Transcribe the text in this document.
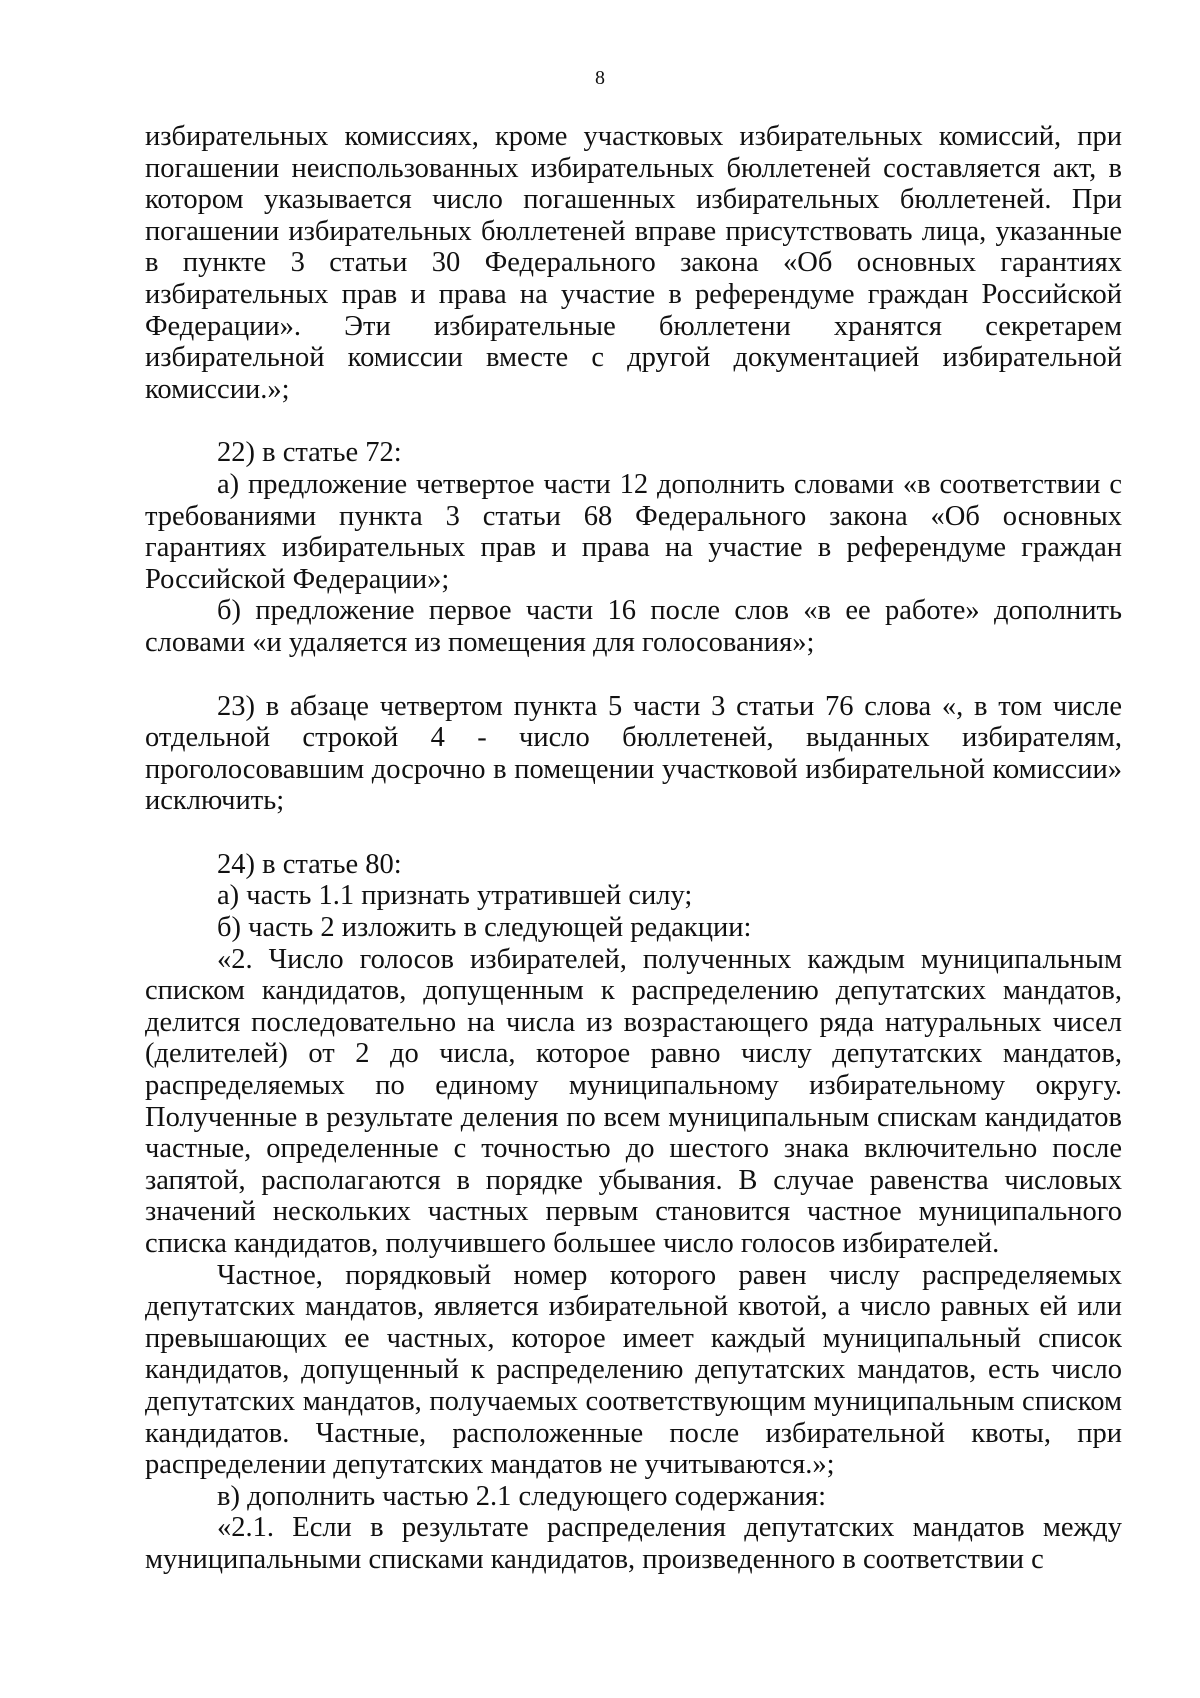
8

избирательных комиссиях, кроме участковых избирательных комиссий, при погашении неиспользованных избирательных бюллетеней составляется акт, в котором указывается число погашенных избирательных бюллетеней. При погашении избирательных бюллетеней вправе присутствовать лица, указанные в пункте 3 статьи 30 Федерального закона «Об основных гарантиях избирательных прав и права на участие в референдуме граждан Российской Федерации». Эти избирательные бюллетени хранятся секретарем избирательной комиссии вместе с другой документацией избирательной комиссии.»;

22) в статье 72:

а) предложение четвертое части 12 дополнить словами «в соответствии с требованиями пункта 3 статьи 68 Федерального закона «Об основных гарантиях избирательных прав и права на участие в референдуме граждан Российской Федерации»;

б) предложение первое части 16 после слов «в ее работе» дополнить словами «и удаляется из помещения для голосования»;

23) в абзаце четвертом пункта 5 части 3 статьи 76 слова «, в том числе отдельной строкой 4 - число бюллетеней, выданных избирателям, проголосовавшим досрочно в помещении участковой избирательной комиссии» исключить;

24) в статье 80:

а) часть 1.1 признать утратившей силу;

б) часть 2 изложить в следующей редакции:

«2. Число голосов избирателей, полученных каждым муниципальным списком кандидатов, допущенным к распределению депутатских мандатов, делится последовательно на числа из возрастающего ряда натуральных чисел (делителей) от 2 до числа, которое равно числу депутатских мандатов, распределяемых по единому муниципальному избирательному округу. Полученные в результате деления по всем муниципальным спискам кандидатов частные, определенные с точностью до шестого знака включительно после запятой, располагаются в порядке убывания. В случае равенства числовых значений нескольких частных первым становится частное муниципального списка кандидатов, получившего большее число голосов избирателей.

Частное, порядковый номер которого равен числу распределяемых депутатских мандатов, является избирательной квотой, а число равных ей или превышающих ее частных, которое имеет каждый муниципальный список кандидатов, допущенный к распределению депутатских мандатов, есть число депутатских мандатов, получаемых соответствующим муниципальным списком кандидатов. Частные, расположенные после избирательной квоты, при распределении депутатских мандатов не учитываются.»;

в) дополнить частью 2.1 следующего содержания:

«2.1. Если в результате распределения депутатских мандатов между муниципальными списками кандидатов, произведенного в соответствии с
